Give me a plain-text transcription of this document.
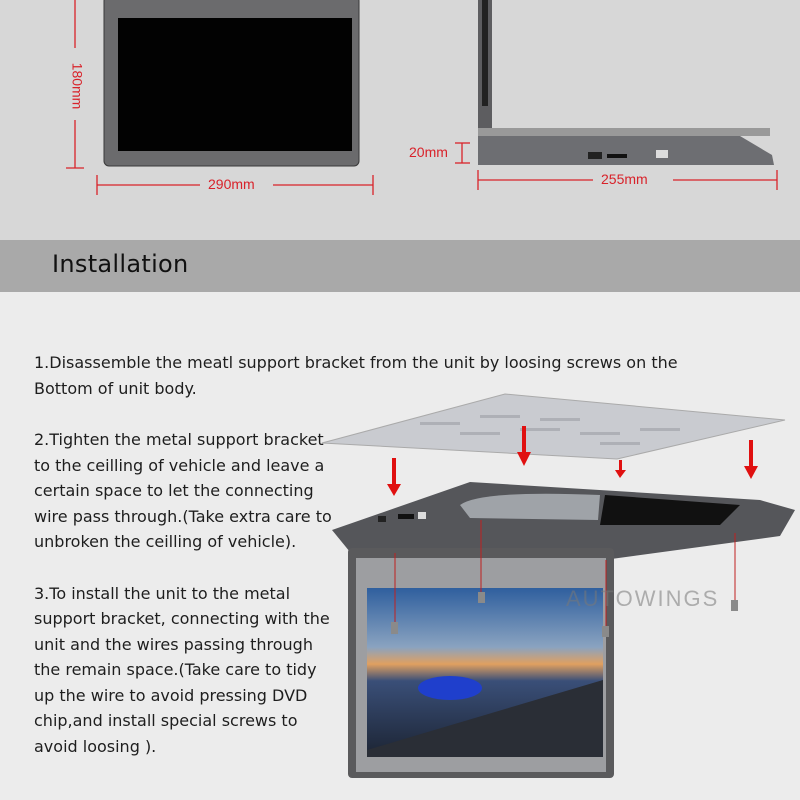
180mm
290mm
20mm
255mm
Installation
AUTOWINGS

1.Disassemble the meatl support bracket from the unit by loosing screws on the Bottom of unit body.

2.Tighten the metal support bracket to the ceilling of vehicle and leave a certain space to let the connecting wire pass through.(Take extra care to unbroken the ceilling of vehicle).

3.To install the unit to the metal support bracket, connecting with the unit and the wires passing through the remain space.(Take care to tidy up the wire to avoid pressing DVD chip,and install special screws to avoid loosing ).
